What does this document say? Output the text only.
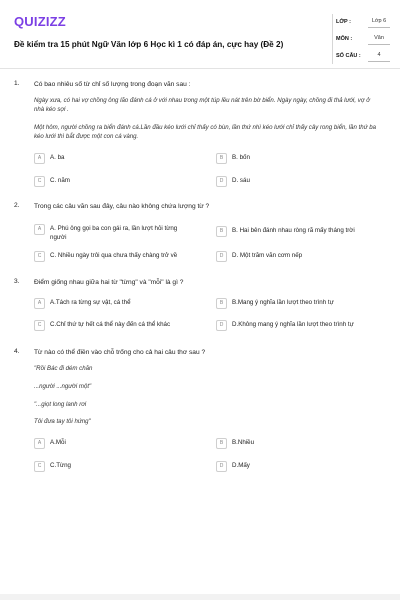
QUIZIZZ
Đề kiểm tra 15 phút Ngữ Văn lớp 6 Học kì 1 có đáp án, cực hay (Đề 2)
LỚP :	Lớp 6
MÔN :	Văn
SỐ CÂU :	4
1. Có bao nhiêu số từ chỉ số lượng trong đoạn văn sau :
Ngày xưa, có hai vợ chồng ông lão đánh cá ở với nhau trong một túp lều nát trên bờ biển. Ngày ngày, chồng đi thả lưới, vợ ở nhà kéo sợi .
Một hôm, người chồng ra biển đánh cá.Lần đầu kéo lưới chỉ thấy có bùn, lần thứ nhì kéo lưới chỉ thấy cây rong biển, lần thứ ba kéo lưới thì bắt được một con cá vàng.
A	A. ba	B	B. bốn
C	C. năm	D	D. sáu
2. Trong các câu văn sau đây, câu nào không chứa lượng từ ?
A	A. Phú ông gọi ba con gái ra, lần lượt hỏi từng người
B	B. Hai bên đánh nhau ròng rã mấy tháng trời
C	C. Nhiều ngày trôi qua chưa thấy chàng trở về	D	D. Một trăm văn cơm nếp
3. Điểm giống nhau giữa hai từ "từng" và "mỗi" là gì ?
A	A.Tách ra từng sự vật, cá thể	B	B.Mang ý nghĩa lần lượt theo trình tự
C	C.Chỉ thứ tự hết cá thể này đến cá thể khác	D	D.Không mang ý nghĩa lần lượt theo trình tự
4. Từ nào có thể điền vào chỗ trống cho cả hai câu thơ sau ?
"Rồi Bác đi dém chăn
...người ...người một"
"...giọt long lanh rơi
Tôi đưa tay tôi hứng"
A	A.Mỗi	B	B.Nhiều
C	C.Từng	D	D.Mấy
